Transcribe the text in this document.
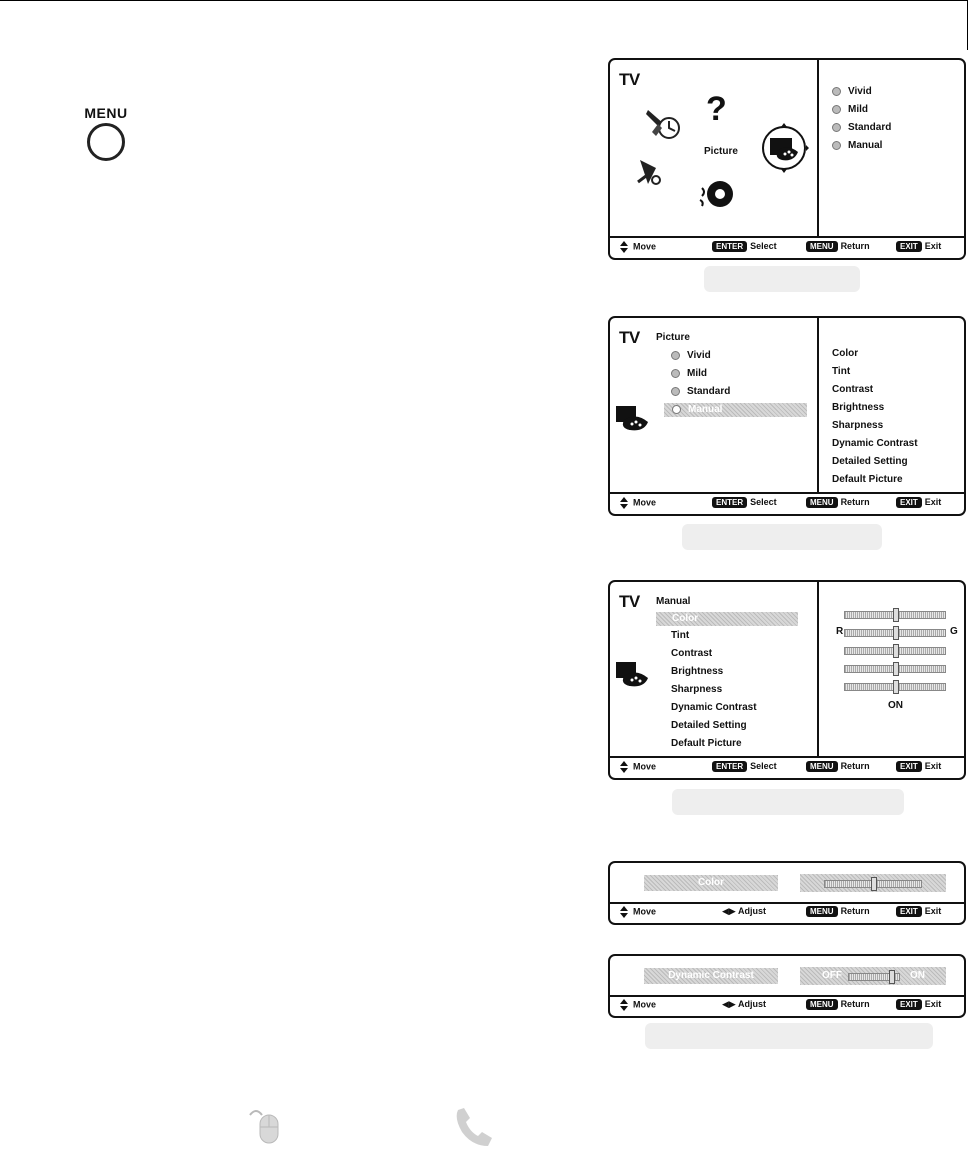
MENU
TV
?
Picture
Vivid
Mild
Standard
Manual
Move	ENTER Select	MENU Return	EXIT Exit
TV Picture
Vivid
Mild
Standard
Manual
Color
Tint
Contrast
Brightness
Sharpness
Dynamic Contrast
Detailed Setting
Default Picture
Move	ENTER Select	MENU Return	EXIT Exit
TV Manual
Color
Tint
Contrast
Brightness
Sharpness
Dynamic Contrast
Detailed Setting
Default Picture
R	G
ON
Move	ENTER Select	MENU Return	EXIT Exit
Color
Move	◀▶ Adjust	MENU Return	EXIT Exit
Dynamic Contrast	OFF	ON
Move	◀▶ Adjust	MENU Return	EXIT Exit
